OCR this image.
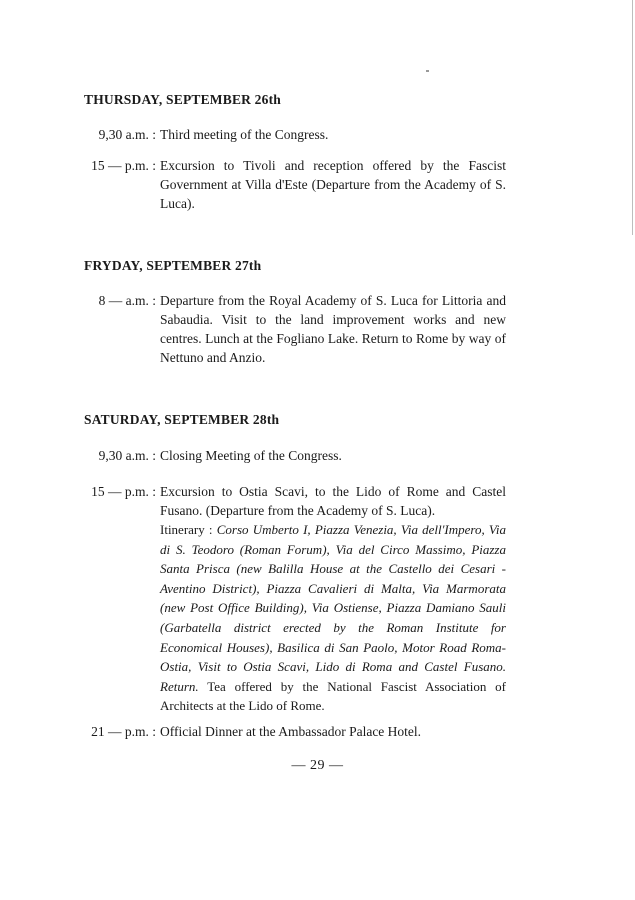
THURSDAY, SEPTEMBER 26th
9,30 a.m. : Third meeting of the Congress.
15 — p.m. : Excursion to Tivoli and reception offered by the Fascist Government at Villa d'Este (Departure from the Academy of S. Luca).
FRYDAY, SEPTEMBER 27th
8 — a.m. : Departure from the Royal Academy of S. Luca for Littoria and Sabaudia. Visit to the land improvement works and new centres. Lunch at the Fogliano Lake. Return to Rome by way of Nettuno and Anzio.
SATURDAY, SEPTEMBER 28th
9,30 a.m. : Closing Meeting of the Congress.
15 — p.m. : Excursion to Ostia Scavi, to the Lido of Rome and Castel Fusano. (Departure from the Academy of S. Luca).
Itinerary : Corso Umberto I, Piazza Venezia, Via dell'Impero, Via di S. Teodoro (Roman Forum), Via del Circo Massimo, Piazza Santa Prisca (new Balilla House at the Castello dei Cesari - Aventino District), Piazza Cavalieri di Malta, Via Marmorata (new Post Office Building), Via Ostiense, Piazza Damiano Sauli (Garbatella district erected by the Roman Institute for Economical Houses), Basilica di San Paolo, Motor Road Roma-Ostia, Visit to Ostia Scavi, Lido di Roma and Castel Fusano. Return. Tea offered by the National Fascist Association of Architects at the Lido of Rome.
21 — p.m. : Official Dinner at the Ambassador Palace Hotel.
— 29 —
